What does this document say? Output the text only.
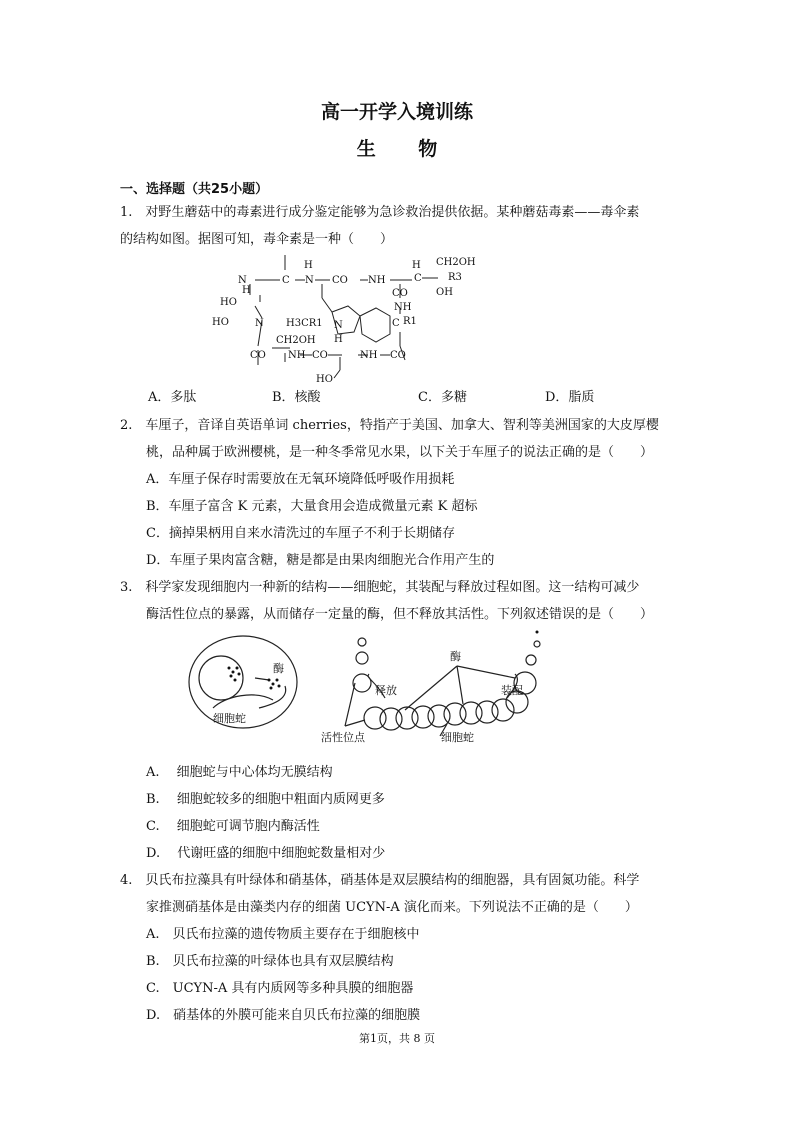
高一开学入境训练
生 物
一、选择题（共25小题）
1.　对野生蘑菇中的毒素进行成分鉴定能够为急诊救治提供依据。某种蘑菇毒素——毒伞素
的结构如图。据图可知，毒伞素是一种（　　）
N	C N
H
CO NH
H
C
CH2OH
R3
OH
CO
H
HO
HO	N
NH
H3CR1 N
H
C R1
CH2OH
CO NH CO	NH CO
HO
A．多肽	B．核酸	C．多糖	D．脂质
2.　车厘子，音译自英语单词 cherries，特指产于美国、加拿大、智利等美洲国家的大皮厚樱
桃，品种属于欧洲樱桃，是一种冬季常见水果，以下关于车厘子的说法正确的是（　　）
A．车厘子保存时需要放在无氧环境降低呼吸作用损耗
B．车厘子富含 K 元素，大量食用会造成微量元素 K 超标
C．摘掉果柄用自来水清洗过的车厘子不利于长期储存
D．车厘子果肉富含糖，糖是都是由果肉细胞光合作用产生的
3.　科学家发现细胞内一种新的结构——细胞蛇，其装配与释放过程如图。这一结构可减少
酶活性位点的暴露，从而储存一定量的酶，但不释放其活性。下列叙述错误的是（　　）
酶
细胞蛇
释放
酶
装配
活性位点	细胞蛇
A.　 细胞蛇与中心体均无膜结构
B.　 细胞蛇较多的细胞中粗面内质网更多
C.　 细胞蛇可调节胞内酶活性
D.　 代谢旺盛的细胞中细胞蛇数量相对少
4.　贝氏布拉藻具有叶绿体和硝基体，硝基体是双层膜结构的细胞器，具有固氮功能。科学
家推测硝基体是由藻类内存的细菌 UCYN-A 演化而来。下列说法不正确的是（　　）
A.　贝氏布拉藻的遗传物质主要存在于细胞核中
B.　贝氏布拉藻的叶绿体也具有双层膜结构
C.　UCYN-A 具有内质网等多种具膜的细胞器
D.　硝基体的外膜可能来自贝氏布拉藻的细胞膜
第1页，共 8 页
